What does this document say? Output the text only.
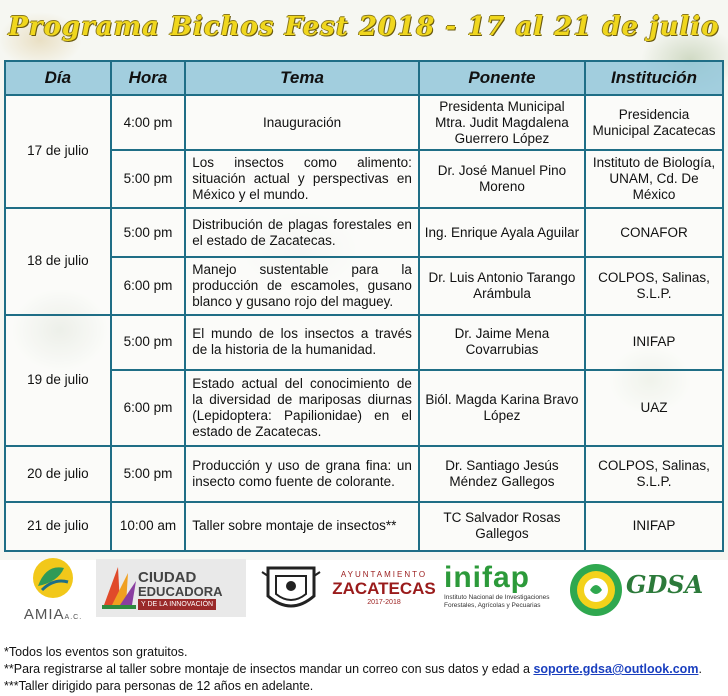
Programa Bichos Fest 2018 - 17 al 21 de julio
Día	Hora	Tema	Ponente	Institución
17 de julio	4:00 pm	Inauguración	Presidenta Municipal Mtra. Judit Magdalena Guerrero López	Presidencia Municipal Zacatecas
	5:00 pm	Los insectos como alimento: situación actual y perspectivas en México y el mundo.	Dr. José Manuel Pino Moreno	Instituto de Biología, UNAM, Cd. De México
18 de julio	5:00 pm	Distribución de plagas forestales en el estado de Zacatecas.	Ing. Enrique Ayala Aguilar	CONAFOR
	6:00 pm	Manejo sustentable para la producción de escamoles, gusano blanco y gusano rojo del maguey.	Dr. Luis Antonio Tarango Arámbula	COLPOS, Salinas, S.L.P.
19 de julio	5:00 pm	El mundo de los insectos a través de la historia de la humanidad.	Dr. Jaime Mena Covarrubias	INIFAP
	6:00 pm	Estado actual del conocimiento de la diversidad de mariposas diurnas (Lepidoptera: Papilionidae) en el estado de Zacatecas.	Biól. Magda Karina Bravo López	UAZ
20 de julio	5:00 pm	Producción y uso de grana fina: un insecto como fuente de colorante.	Dr. Santiago Jesús Méndez Gallegos	COLPOS, Salinas, S.L.P.
21 de julio	10:00 am	Taller sobre montaje de insectos**	TC Salvador Rosas Gallegos	INIFAP
AMIAA.C.
CIUDAD
EDUCADORA
Y DE LA INNOVACIÓN
AYUNTAMIENTO
ZACATECAS
2017-2018
inifap
Instituto Nacional de Investigaciones Forestales, Agrícolas y Pecuarias
GDSA
*Todos los eventos son gratuitos.
**Para registrarse al taller sobre montaje de insectos mandar un correo con sus datos y edad a soporte.gdsa@outlook.com.
***Taller dirigido para personas de 12 años en adelante.
